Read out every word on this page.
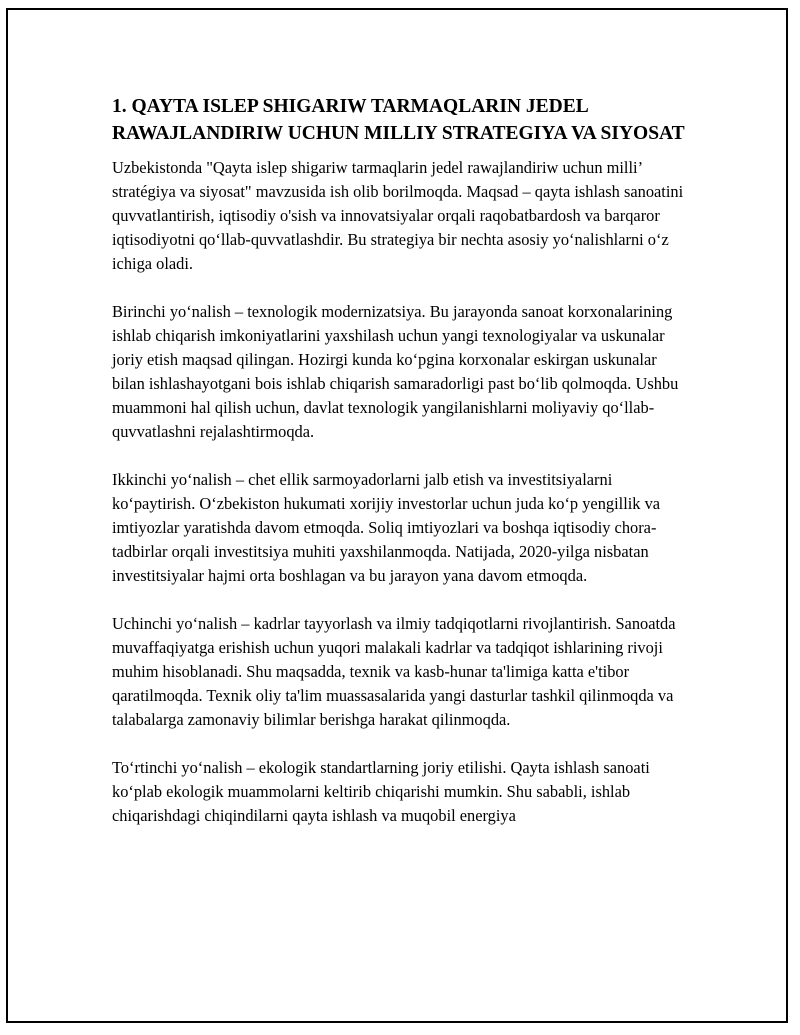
1. QAYTA ISLEP SHIGARIW TARMAQLARIN JEDEL RAWAJLANDIRIW UCHUN MILLIY STRATEGIYA VA SIYOSAT

Uzbekistonda "Qayta islep shigariw tarmaqlarin jedel rawajlandiriw uchun milli’ stratégiya va siyosat" mavzusida ish olib borilmoqda. Maqsad – qayta ishlash sanoatini quvvatlantirish, iqtisodiy o'sish va innovatsiyalar orqali raqobatbardosh va barqaror iqtisodiyotni qo‘llab-quvvatlashdir. Bu strategiya bir nechta asosiy yo‘nalishlarni o‘z ichiga oladi.

Birinchi yo‘nalish – texnologik modernizatsiya. Bu jarayonda sanoat korxonalarining ishlab chiqarish imkoniyatlarini yaxshilash uchun yangi texnologiyalar va uskunalar joriy etish maqsad qilingan. Hozirgi kunda ko‘pgina korxonalar eskirgan uskunalar bilan ishlashayotgani bois ishlab chiqarish samaradorligi past bo‘lib qolmoqda. Ushbu muammoni hal qilish uchun, davlat texnologik yangilanishlarni moliyaviy qo‘llab-quvvatlashni rejalashtirmoqda.

Ikkinchi yo‘nalish – chet ellik sarmoyadorlarni jalb etish va investitsiyalarni ko‘paytirish. O‘zbekiston hukumati xorijiy investorlar uchun juda ko‘p yengillik va imtiyozlar yaratishda davom etmoqda. Soliq imtiyozlari va boshqa iqtisodiy chora-tadbirlar orqali investitsiya muhiti yaxshilanmoqda. Natijada, 2020-yilga nisbatan investitsiyalar hajmi orta boshlagan va bu jarayon yana davom etmoqda.

Uchinchi yo‘nalish – kadrlar tayyorlash va ilmiy tadqiqotlarni rivojlantirish. Sanoatda muvaffaqiyatga erishish uchun yuqori malakali kadrlar va tadqiqot ishlarining rivoji muhim hisoblanadi. Shu maqsadda, texnik va kasb-hunar ta'limiga katta e'tibor qaratilmoqda. Texnik oliy ta'lim muassasalarida yangi dasturlar tashkil qilinmoqda va talabalarga zamonaviy bilimlar berishga harakat qilinmoqda.

To‘rtinchi yo‘nalish – ekologik standartlarning joriy etilishi. Qayta ishlash sanoati ko‘plab ekologik muammolarni keltirib chiqarishi mumkin. Shu sababli, ishlab chiqarishdagi chiqindilarni qayta ishlash va muqobil energiya
